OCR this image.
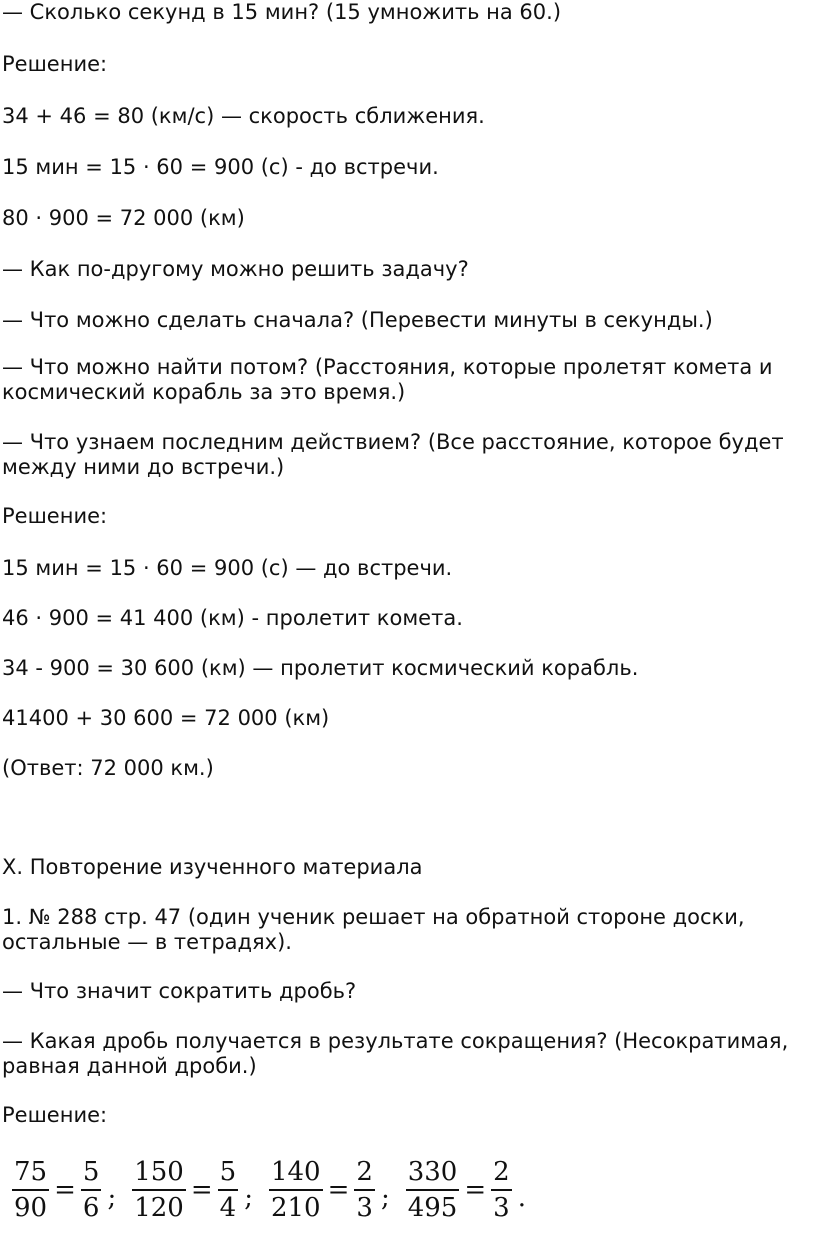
— Сколько секунд в 15 мин? (15 умножить на 60.)

Решение:

34 + 46 = 80 (км/с) — скорость сближения.

15 мин = 15 · 60 = 900 (с) - до встречи.

80 · 900 = 72 000 (км)

— Как по-другому можно решить задачу?

— Что можно сделать сначала? (Перевести минуты в секунды.)

— Что можно найти потом? (Расстояния, которые пролетят комета и космический корабль за это время.)

— Что узнаем последним действием? (Все расстояние, которое будет между ними до встречи.)

Решение:

15 мин = 15 · 60 = 900 (с) — до встречи.

46 · 900 = 41 400 (км) - пролетит комета.

34 - 900 = 30 600 (км) — пролетит космический корабль.

41400 + 30 600 = 72 000 (км)

(Ответ: 72 000 км.)

X. Повторение изученного материала

1. № 288 стр. 47 (один ученик решает на обратной стороне доски, остальные — в тетрадях).

— Что значит сократить дробь?

— Какая дробь получается в результате сокращения? (Несократимая, равная данной дроби.)

Решение:

$\frac{75}{90} = \frac{5}{6}$ ; $\frac{150}{120} = \frac{5}{4}$ ; $\frac{140}{210} = \frac{2}{3}$ ; $\frac{330}{495} = \frac{2}{3}$ .
